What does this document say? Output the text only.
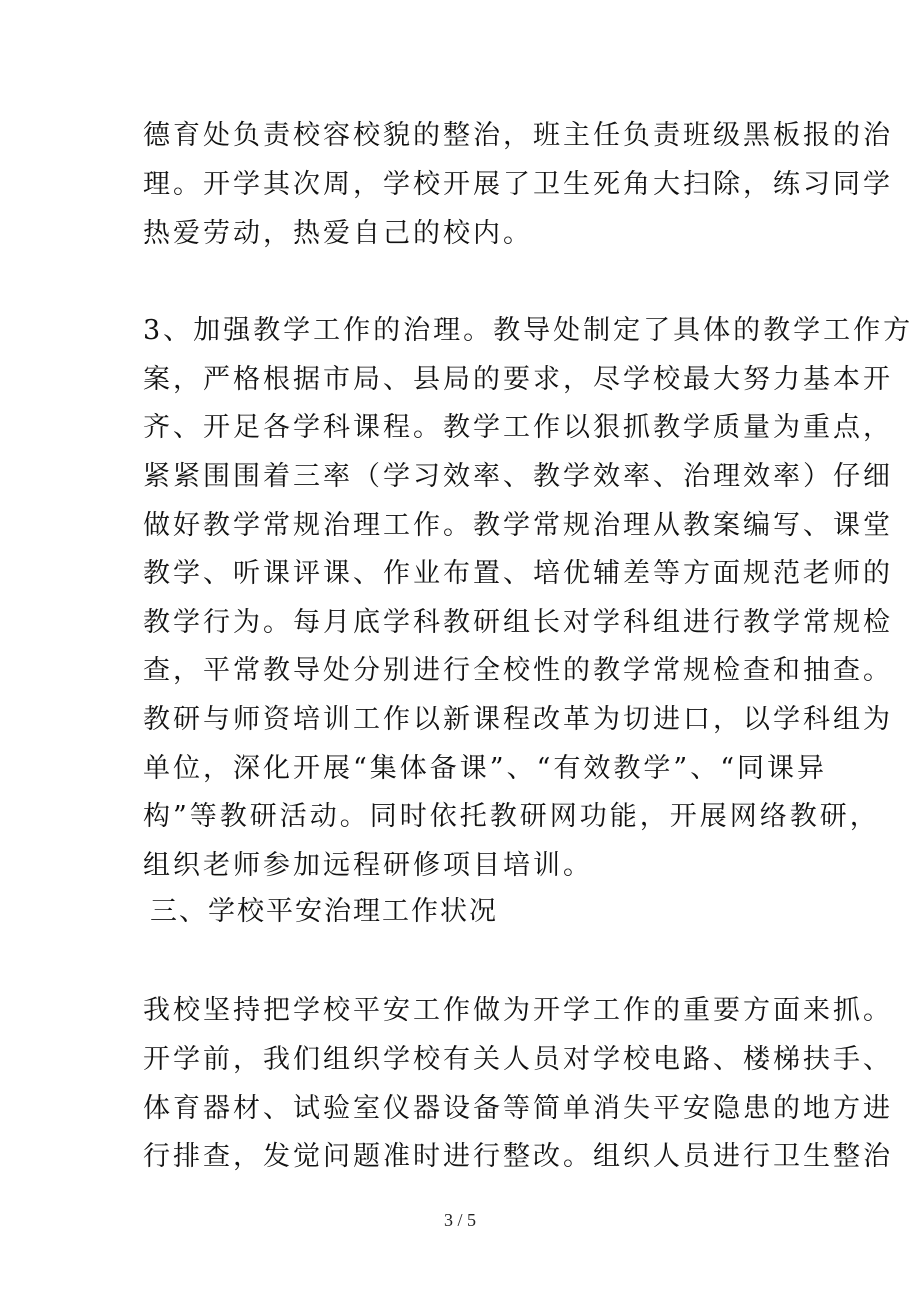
德育处负责校容校貌的整治，班主任负责班级黑板报的治
理。开学其次周，学校开展了卫生死角大扫除，练习同学
热爱劳动，热爱自己的校内。
3、加强教学工作的治理。教导处制定了具体的教学工作方
案，严格根据市局、县局的要求，尽学校最大努力基本开
齐、开足各学科课程。教学工作以狠抓教学质量为重点，
紧紧围围着三率（学习效率、教学效率、治理效率）仔细
做好教学常规治理工作。教学常规治理从教案编写、课堂
教学、听课评课、作业布置、培优辅差等方面规范老师的
教学行为。每月底学科教研组长对学科组进行教学常规检
查，平常教导处分别进行全校性的教学常规检查和抽查。
教研与师资培训工作以新课程改革为切进口，以学科组为
单位，深化开展“集体备课”、“有效教学”、“同课异
构”等教研活动。同时依托教研网功能，开展网络教研，
组织老师参加远程研修项目培训。
三、学校平安治理工作状况
我校坚持把学校平安工作做为开学工作的重要方面来抓。
开学前，我们组织学校有关人员对学校电路、楼梯扶手、
体育器材、试验室仪器设备等简单消失平安隐患的地方进
行排查，发觉问题准时进行整改。组织人员进行卫生整治
3 / 5
